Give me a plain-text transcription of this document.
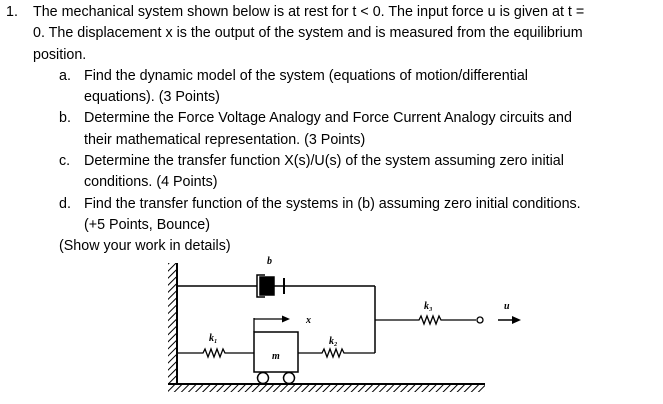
1.	The mechanical system shown below is at rest for t < 0. The input force u is given at t =
0. The displacement x is the output of the system and is measured from the equilibrium
position.
a. Find the dynamic model of the system (equations of motion/differential
equations). (3 Points)
b. Determine the Force Voltage Analogy and Force Current Analogy circuits and
their mathematical representation. (3 Points)
c. Determine the transfer function X(s)/U(s) of the system assuming zero initial
conditions. (4 Points)
d. Find the transfer function of the systems in (b) assuming zero initial conditions.
(+5 Points, Bounce)
(Show your work in details)
b
k₁
m
x
k₂
k₃	u
